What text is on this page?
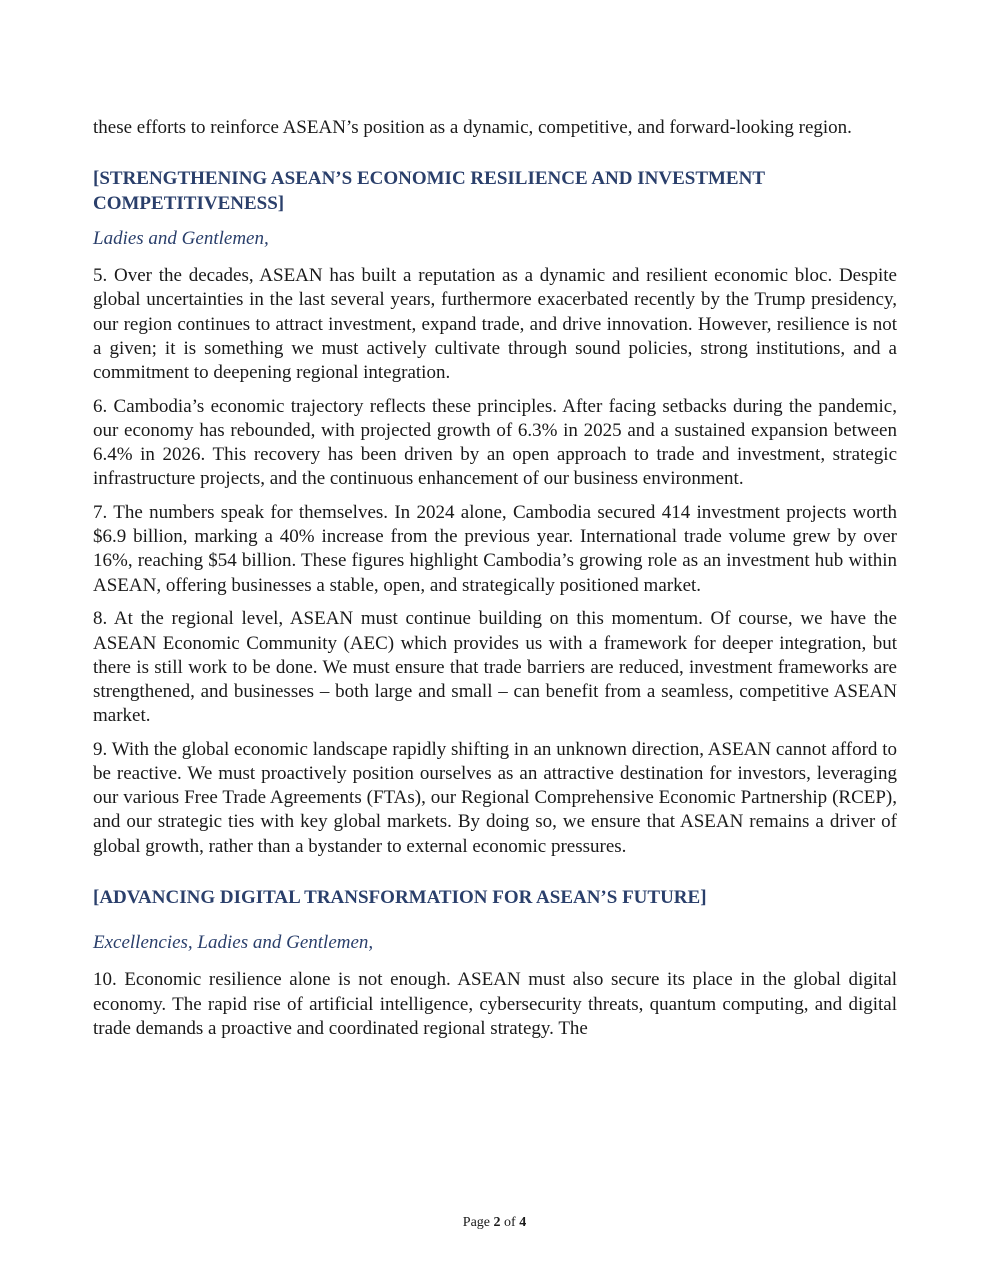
these efforts to reinforce ASEAN’s position as a dynamic, competitive, and forward-looking region.

[STRENGTHENING ASEAN’S ECONOMIC RESILIENCE AND INVESTMENT

COMPETITIVENESS]

Ladies and Gentlemen,

5. Over the decades, ASEAN has built a reputation as a dynamic and resilient economic bloc. Despite global uncertainties in the last several years, furthermore exacerbated recently by the Trump presidency, our region continues to attract investment, expand trade, and drive innovation. However, resilience is not a given; it is something we must actively cultivate through sound policies, strong institutions, and a commitment to deepening regional integration.

6. Cambodia’s economic trajectory reflects these principles. After facing setbacks during the pandemic, our economy has rebounded, with projected growth of 6.3% in 2025 and a sustained expansion between 6.4% in 2026. This recovery has been driven by an open approach to trade and investment, strategic infrastructure projects, and the continuous enhancement of our business environment.

7. The numbers speak for themselves. In 2024 alone, Cambodia secured 414 investment projects worth $6.9 billion, marking a 40% increase from the previous year. International trade volume grew by over 16%, reaching $54 billion. These figures highlight Cambodia’s growing role as an investment hub within ASEAN, offering businesses a stable, open, and strategically positioned market.

8. At the regional level, ASEAN must continue building on this momentum. Of course, we have the ASEAN Economic Community (AEC) which provides us with a framework for deeper integration, but there is still work to be done. We must ensure that trade barriers are reduced, investment frameworks are strengthened, and businesses – both large and small – can benefit from a seamless, competitive ASEAN market.

9. With the global economic landscape rapidly shifting in an unknown direction, ASEAN cannot afford to be reactive. We must proactively position ourselves as an attractive destination for investors, leveraging our various Free Trade Agreements (FTAs), our Regional Comprehensive Economic Partnership (RCEP), and our strategic ties with key global markets. By doing so, we ensure that ASEAN remains a driver of global growth, rather than a bystander to external economic pressures.

[ADVANCING DIGITAL TRANSFORMATION FOR ASEAN’S FUTURE]

Excellencies, Ladies and Gentlemen,

10. Economic resilience alone is not enough. ASEAN must also secure its place in the global digital economy. The rapid rise of artificial intelligence, cybersecurity threats, quantum computing, and digital trade demands a proactive and coordinated regional strategy. The

Page 2 of 4
